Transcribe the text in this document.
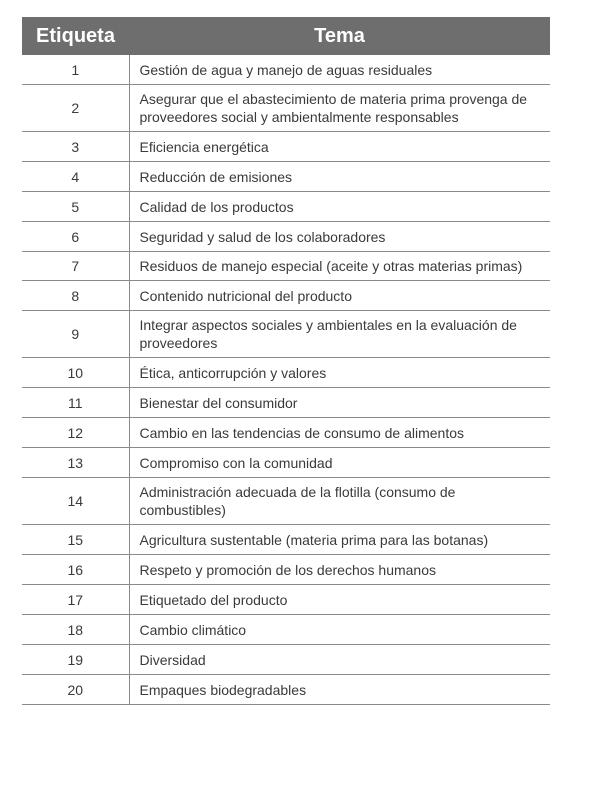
Etiqueta	Tema
1	Gestión de agua y manejo de aguas residuales
2	Asegurar que el abastecimiento de materia prima provenga de proveedores social y ambientalmente responsables
3	Eficiencia energética
4	Reducción de emisiones
5	Calidad de los productos
6	Seguridad y salud de los colaboradores
7	Residuos de manejo especial (aceite y otras materias primas)
8	Contenido nutricional del producto
9	Integrar aspectos sociales y ambientales en la evaluación de proveedores
10	Ética, anticorrupción y valores
11	Bienestar del consumidor
12	Cambio en las tendencias de consumo de alimentos
13	Compromiso con la comunidad
14	Administración adecuada de la flotilla (consumo de combustibles)
15	Agricultura sustentable (materia prima para las botanas)
16	Respeto y promoción de los derechos humanos
17	Etiquetado del producto
18	Cambio climático
19	Diversidad
20	Empaques biodegradables
